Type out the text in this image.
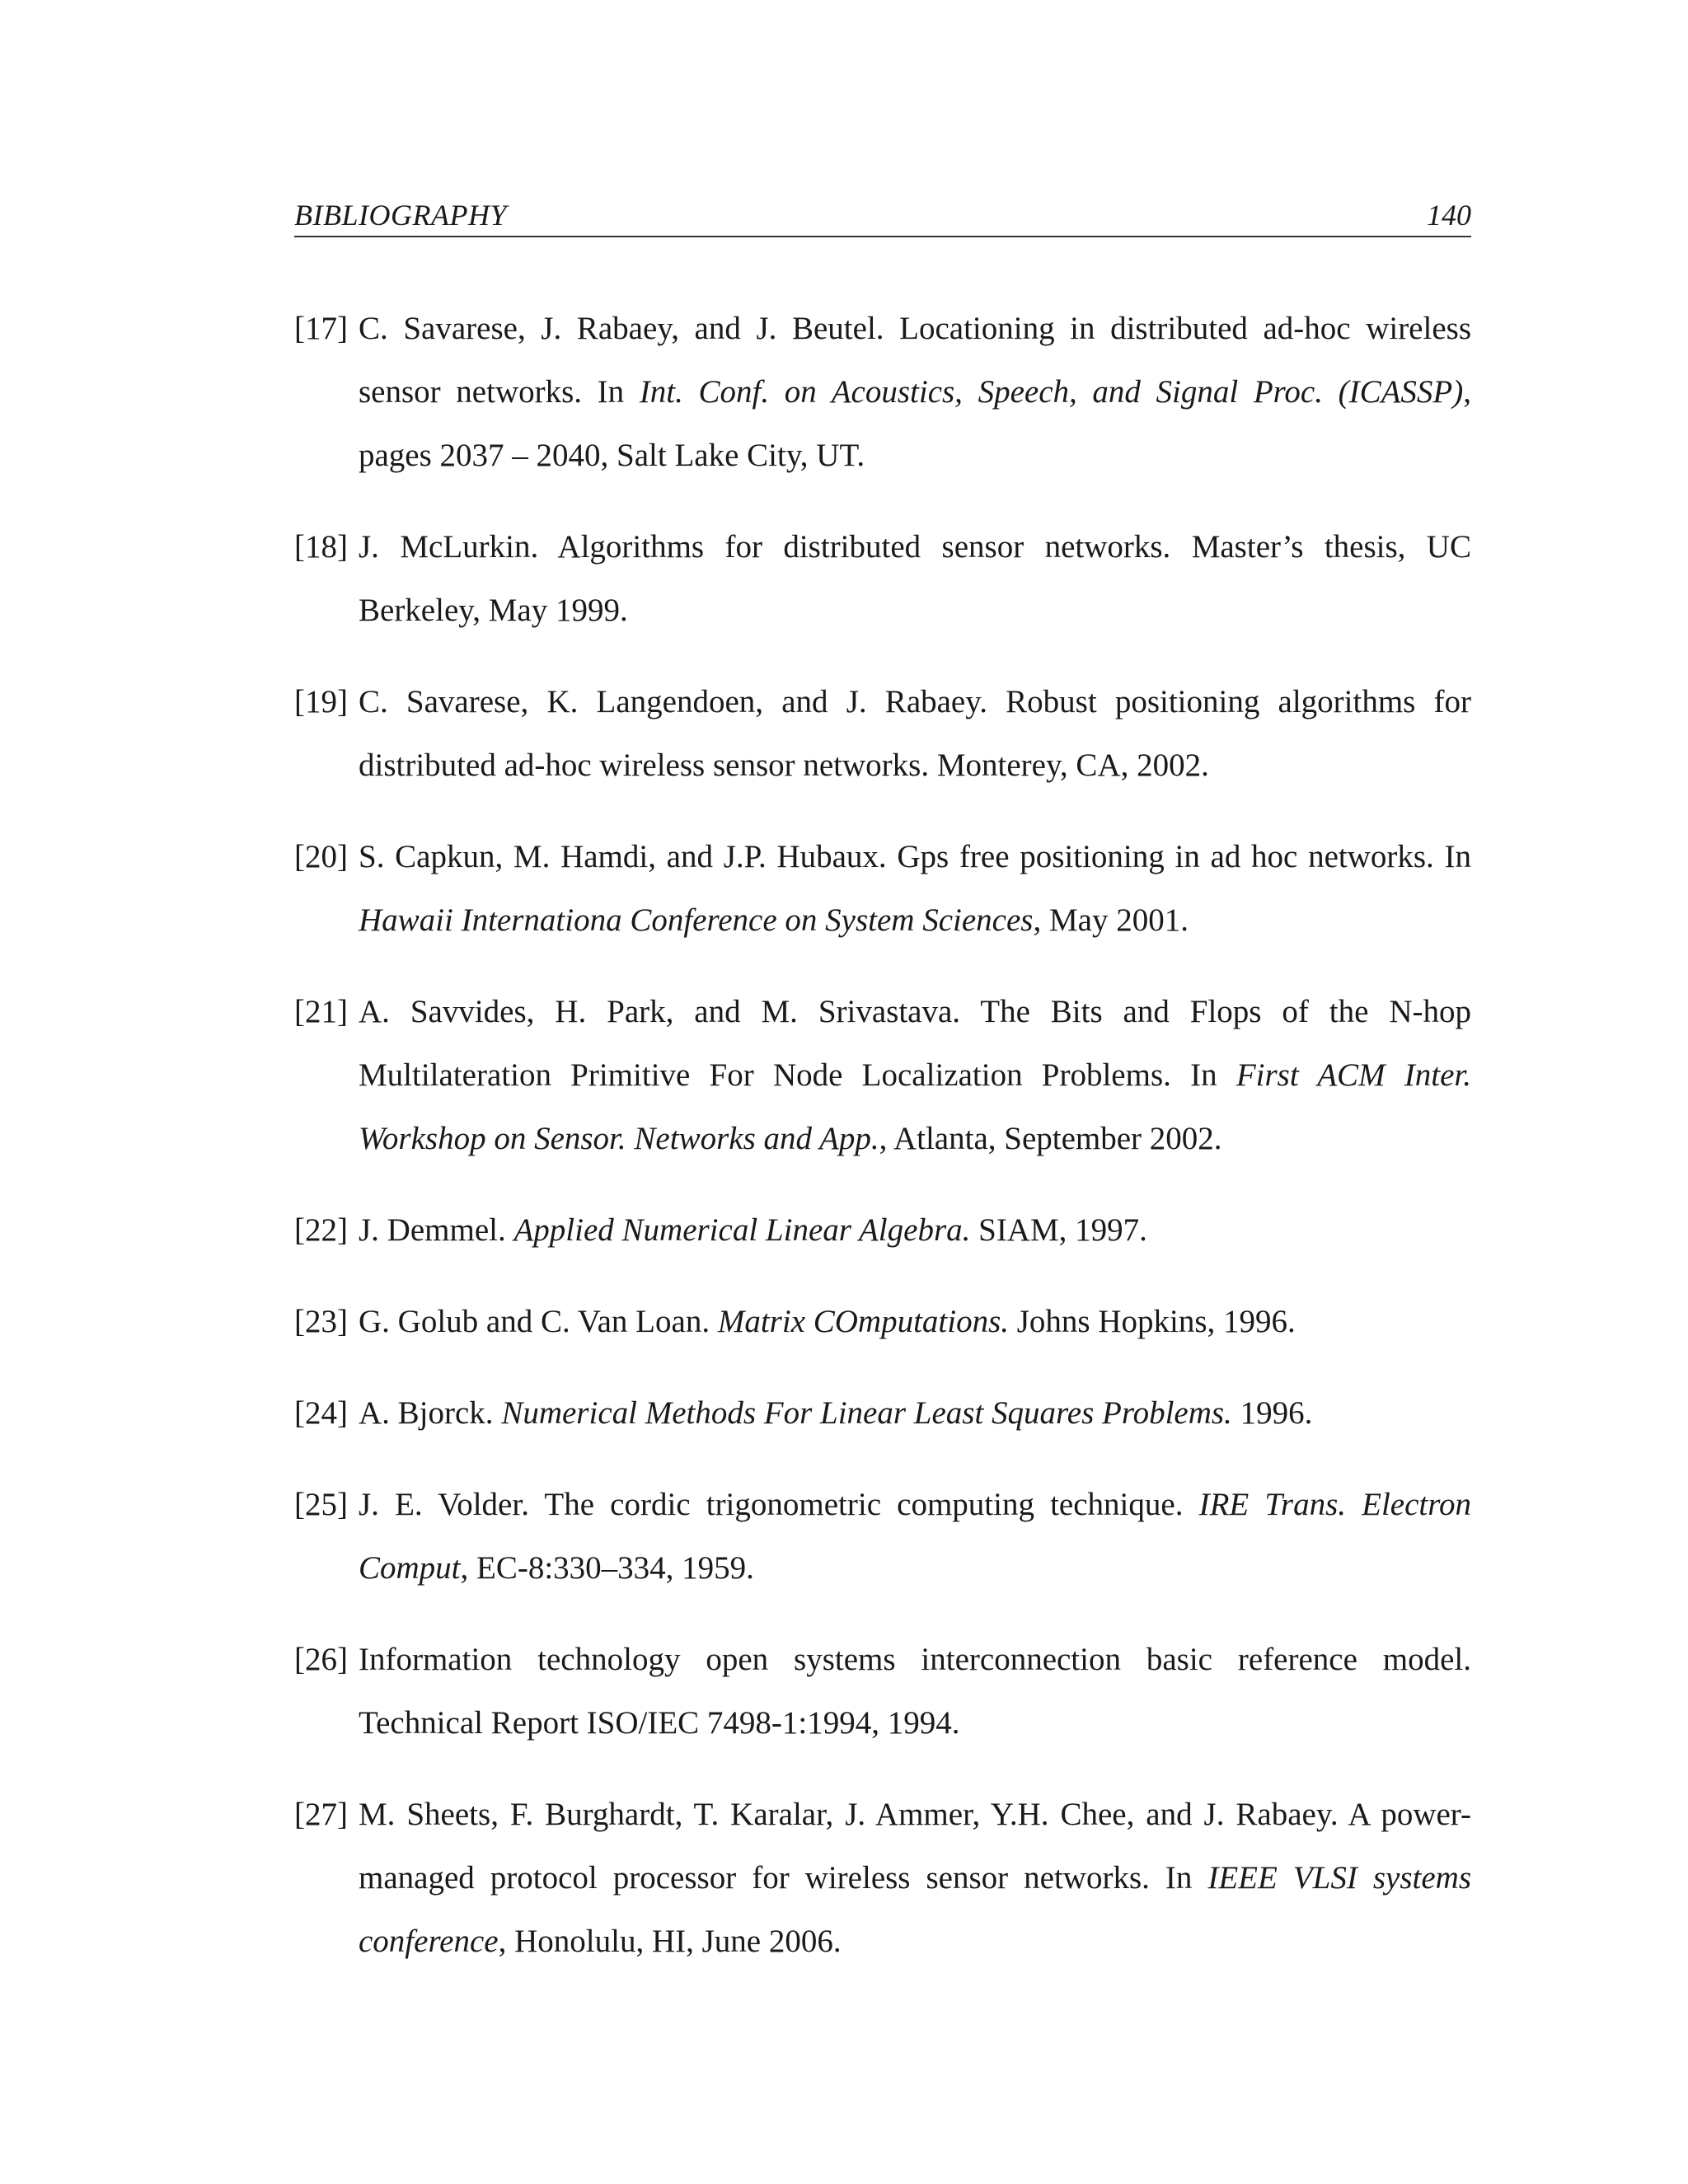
BIBLIOGRAPHY	140
[17] C. Savarese, J. Rabaey, and J. Beutel. Locationing in distributed ad-hoc wireless sensor networks. In Int. Conf. on Acoustics, Speech, and Signal Proc. (ICASSP), pages 2037 – 2040, Salt Lake City, UT.
[18] J. McLurkin. Algorithms for distributed sensor networks. Master’s thesis, UC Berkeley, May 1999.
[19] C. Savarese, K. Langendoen, and J. Rabaey. Robust positioning algorithms for distributed ad-hoc wireless sensor networks. Monterey, CA, 2002.
[20] S. Capkun, M. Hamdi, and J.P. Hubaux. Gps free positioning in ad hoc networks. In Hawaii Internationa Conference on System Sciences, May 2001.
[21] A. Savvides, H. Park, and M. Srivastava. The Bits and Flops of the N-hop Multilateration Primitive For Node Localization Problems. In First ACM Inter. Workshop on Sensor. Networks and App., Atlanta, September 2002.
[22] J. Demmel. Applied Numerical Linear Algebra. SIAM, 1997.
[23] G. Golub and C. Van Loan. Matrix COmputations. Johns Hopkins, 1996.
[24] A. Bjorck. Numerical Methods For Linear Least Squares Problems. 1996.
[25] J. E. Volder. The cordic trigonometric computing technique. IRE Trans. Electron Comput, EC-8:330–334, 1959.
[26] Information technology open systems interconnection basic reference model. Technical Report ISO/IEC 7498-1:1994, 1994.
[27] M. Sheets, F. Burghardt, T. Karalar, J. Ammer, Y.H. Chee, and J. Rabaey. A power-managed protocol processor for wireless sensor networks. In IEEE VLSI systems conference, Honolulu, HI, June 2006.
